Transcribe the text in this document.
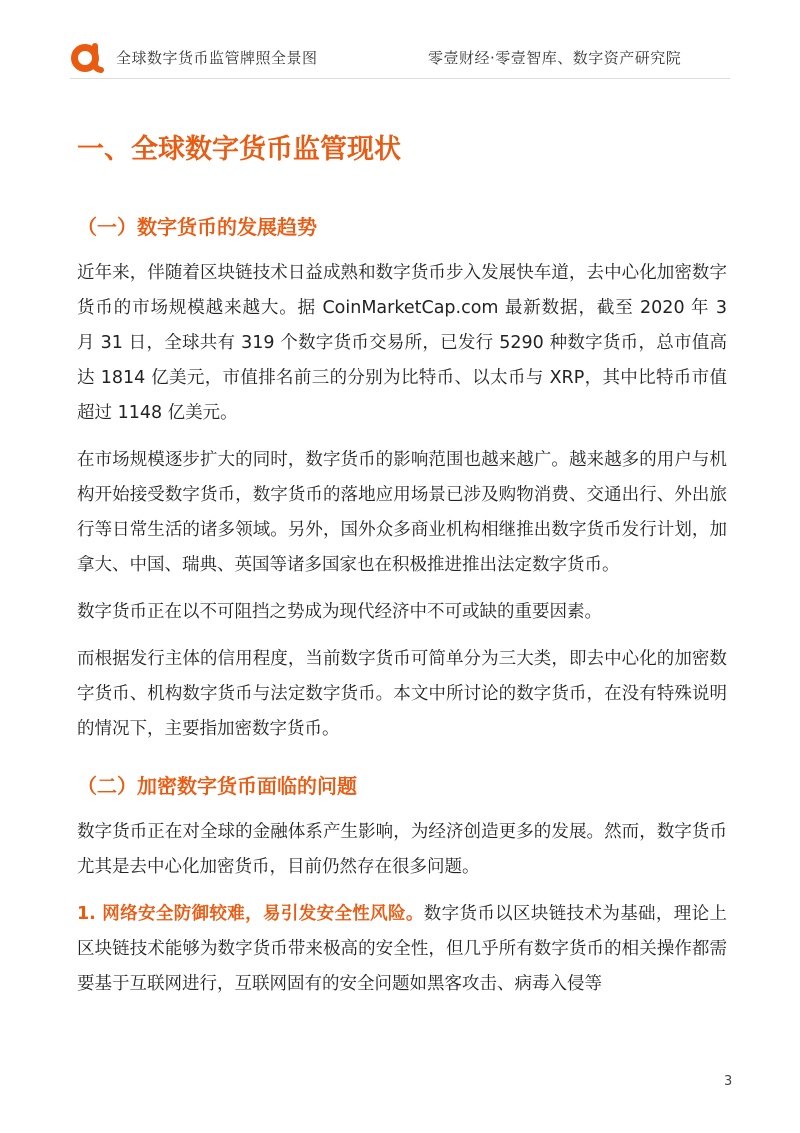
全球数字货币监管牌照全景图	零壹财经·零壹智库、数字资产研究院
一、全球数字货币监管现状
（一）数字货币的发展趋势

近年来，伴随着区块链技术日益成熟和数字货币步入发展快车道，去中心化加密数字货币的市场规模越来越大。据 CoinMarketCap.com 最新数据，截至 2020 年 3 月 31 日，全球共有 319 个数字货币交易所，已发行 5290 种数字货币，总市值高达 1814 亿美元，市值排名前三的分别为比特币、以太币与 XRP，其中比特币市值超过 1148 亿美元。

在市场规模逐步扩大的同时，数字货币的影响范围也越来越广。越来越多的用户与机构开始接受数字货币，数字货币的落地应用场景已涉及购物消费、交通出行、外出旅行等日常生活的诸多领域。另外，国外众多商业机构相继推出数字货币发行计划，加拿大、中国、瑞典、英国等诸多国家也在积极推进推出法定数字货币。

数字货币正在以不可阻挡之势成为现代经济中不可或缺的重要因素。

而根据发行主体的信用程度，当前数字货币可简单分为三大类，即去中心化的加密数字货币、机构数字货币与法定数字货币。本文中所讨论的数字货币，在没有特殊说明的情况下，主要指加密数字货币。

（二）加密数字货币面临的问题

数字货币正在对全球的金融体系产生影响，为经济创造更多的发展。然而，数字货币尤其是去中心化加密货币，目前仍然存在很多问题。

1. 网络安全防御较难，易引发安全性风险。数字货币以区块链技术为基础，理论上区块链技术能够为数字货币带来极高的安全性，但几乎所有数字货币的相关操作都需要基于互联网进行，互联网固有的安全问题如黑客攻击、病毒入侵等

3
